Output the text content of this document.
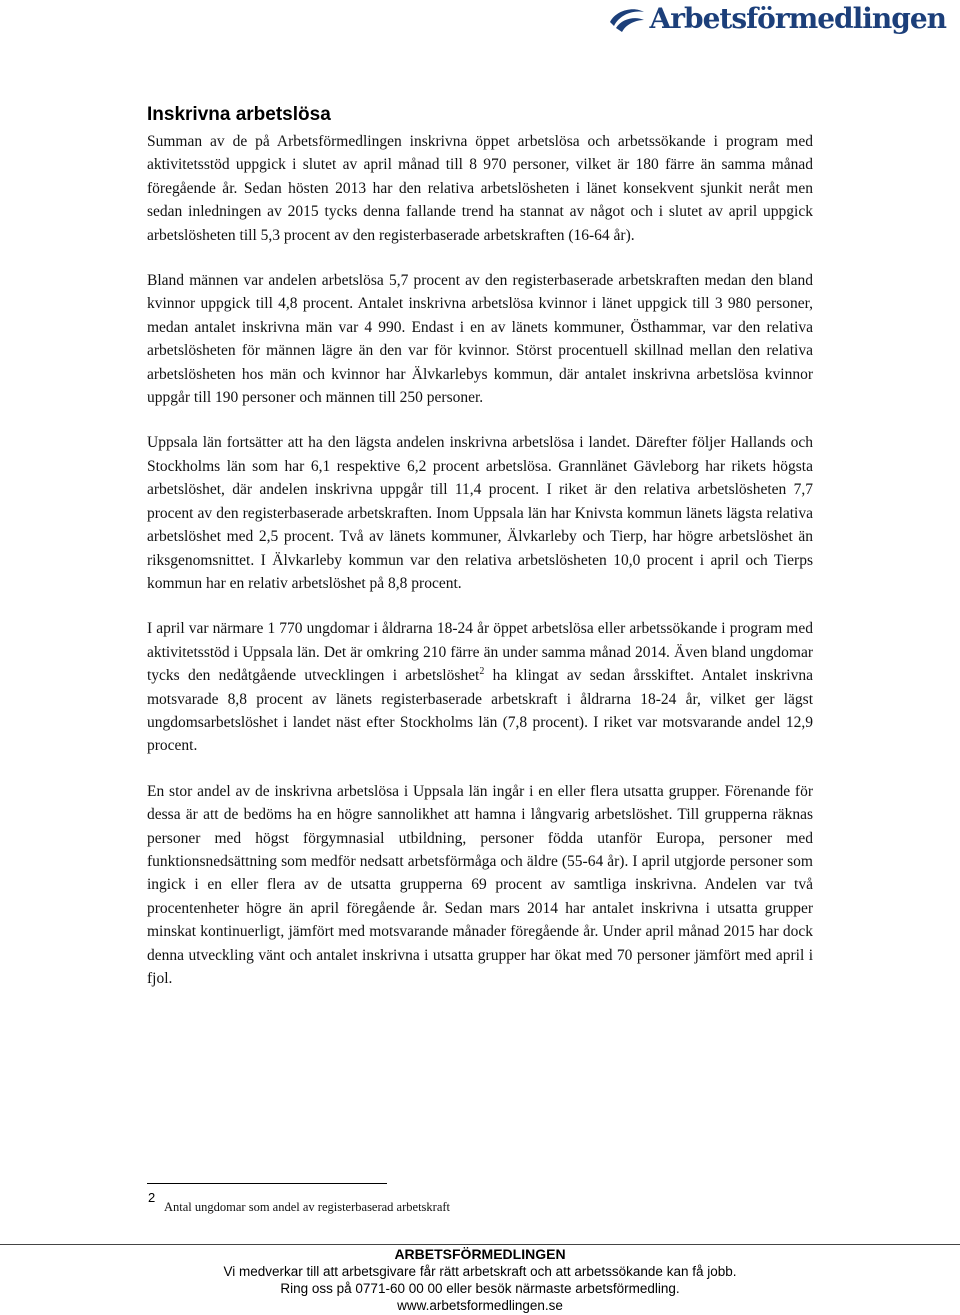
Arbetsförmedlingen
Inskrivna arbetslösa

Summan av de på Arbetsförmedlingen inskrivna öppet arbetslösa och arbetssökande i program med aktivitetsstöd uppgick i slutet av april månad till 8 970 personer, vilket är 180 färre än samma månad föregående år. Sedan hösten 2013 har den relativa arbetslösheten i länet konsekvent sjunkit neråt men sedan inledningen av 2015 tycks denna fallande trend ha stannat av något och i slutet av april uppgick arbetslösheten till 5,3 procent av den registerbaserade arbetskraften (16-64 år).

Bland männen var andelen arbetslösa 5,7 procent av den registerbaserade arbetskraften medan den bland kvinnor uppgick till 4,8 procent. Antalet inskrivna arbetslösa kvinnor i länet uppgick till 3 980 personer, medan antalet inskrivna män var 4 990. Endast i en av länets kommuner, Östhammar, var den relativa arbetslösheten för männen lägre än den var för kvinnor. Störst procentuell skillnad mellan den relativa arbetslösheten hos män och kvinnor har Älvkarlebys kommun, där antalet inskrivna arbetslösa kvinnor uppgår till 190 personer och männen till 250 personer.

Uppsala län fortsätter att ha den lägsta andelen inskrivna arbetslösa i landet. Därefter följer Hallands och Stockholms län som har 6,1 respektive 6,2 procent arbetslösa. Grannlänet Gävleborg har rikets högsta arbetslöshet, där andelen inskrivna uppgår till 11,4 procent. I riket är den relativa arbetslösheten 7,7 procent av den registerbaserade arbetskraften. Inom Uppsala län har Knivsta kommun länets lägsta relativa arbetslöshet med 2,5 procent. Två av länets kommuner, Älvkarleby och Tierp, har högre arbetslöshet än riksgenomsnittet. I Älvkarleby kommun var den relativa arbetslösheten 10,0 procent i april och Tierps kommun har en relativ arbetslöshet på 8,8 procent.

I april var närmare 1 770 ungdomar i åldrarna 18-24 år öppet arbetslösa eller arbetssökande i program med aktivitetsstöd i Uppsala län. Det är omkring 210 färre än under samma månad 2014. Även bland ungdomar tycks den nedåtgående utvecklingen i arbetslöshet$^2$ ha klingat av sedan årsskiftet. Antalet inskrivna motsvarade 8,8 procent av länets registerbaserade arbetskraft i åldrarna 18-24 år, vilket ger lägst ungdomsarbetslöshet i landet näst efter Stockholms län (7,8 procent). I riket var motsvarande andel 12,9 procent.

En stor andel av de inskrivna arbetslösa i Uppsala län ingår i en eller flera utsatta grupper. Förenande för dessa är att de bedöms ha en högre sannolikhet att hamna i långvarig arbetslöshet. Till grupperna räknas personer med högst förgymnasial utbildning, personer födda utanför Europa, personer med funktionsnedsättning som medför nedsatt arbetsförmåga och äldre (55-64 år). I april utgjorde personer som ingick i en eller flera av de utsatta grupperna 69 procent av samtliga inskrivna. Andelen var två procentenheter högre än april föregående år. Sedan mars 2014 har antalet inskrivna i utsatta grupper minskat kontinuerligt, jämfört med motsvarande månader föregående år. Under april månad 2015 har dock denna utveckling vänt och antalet inskrivna i utsatta grupper har ökat med 70 personer jämfört med april i fjol.

2
Antal ungdomar som andel av registerbaserad arbetskraft
ARBETSFÖRMEDLINGEN
Vi medverkar till att arbetsgivare får rätt arbetskraft och att arbetssökande kan få jobb.
Ring oss på 0771-60 00 00 eller besök närmaste arbetsförmedling.
www.arbetsformedlingen.se
